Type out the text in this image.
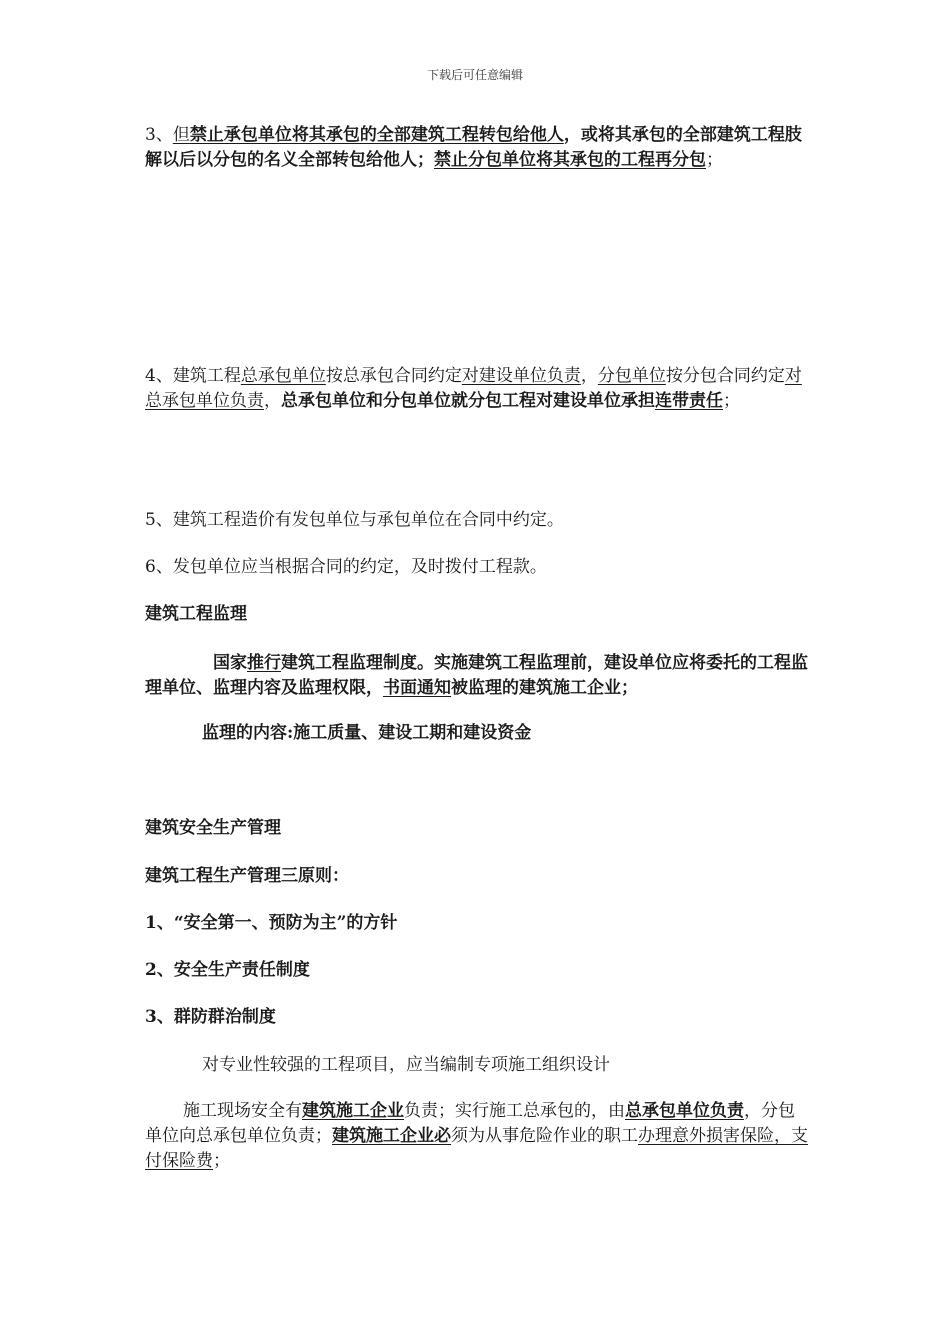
下载后可任意编辑
3、但禁止承包单位将其承包的全部建筑工程转包给他人，或将其承包的全部建筑工程肢解以后以分包的名义全部转包给他人；禁止分包单位将其承包的工程再分包；
4、建筑工程总承包单位按总承包合同约定对建设单位负责，分包单位按分包合同约定对总承包单位负责，总承包单位和分包单位就分包工程对建设单位承担连带责任；
5、建筑工程造价有发包单位与承包单位在合同中约定。
6、发包单位应当根据合同的约定，及时拨付工程款。
建筑工程监理
国家推行建筑工程监理制度。实施建筑工程监理前，建设单位应将委托的工程监理单位、监理内容及监理权限，书面通知被监理的建筑施工企业；
监理的内容:施工质量、建设工期和建设资金
建筑安全生产管理
建筑工程生产管理三原则：
1、“安全第一、预防为主”的方针
2、安全生产责任制度
3、群防群治制度
对专业性较强的工程项目，应当编制专项施工组织设计
施工现场安全有建筑施工企业负责；实行施工总承包的，由总承包单位负责，分包单位向总承包单位负责；建筑施工企业必须为从事危险作业的职工办理意外损害保险，支付保险费；
